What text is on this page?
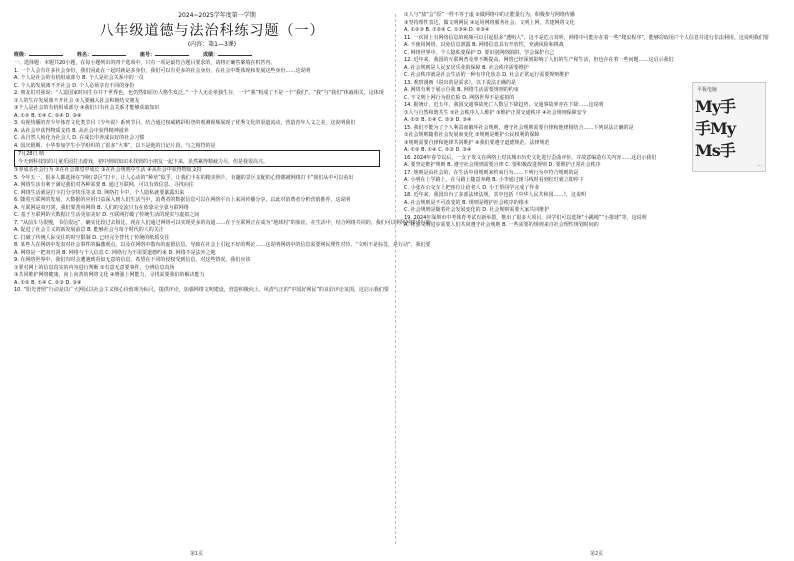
2024~2025学年度第一学期
八年级道德与法治科练习题（一）
(内容：第1—3课)
班级：	姓名：	座号：	成绩：
一、选择题：本题共20小题，在每小题列出的四个选项中，只有一项是最符合题目要求的，请将正确答案填在机答内。
1. 一个人会有许多社会身份，我们因此在一起时就是多身份，我们可以有更多的社会身份，在社会中既体现和发展这些身份……这说明
A. 个人是社会的有机组成部分 B. 个人是社会关系中的一员
C. 个人的发展离不开社会 D. 个人必须享有不同的身份
2. 朋友们对我说：“人造国家时间生存并干世界也，也仍然如原历人格生发泛。”一个人无论单独生存，一个“我”构成了不是一个“我们”。“我”与“我们”休戚相关，这体现
①人的生存发展离不开社会 ②人要融入社会积极结交朋友
③个人是社会的有机组成部分 ④我们只有社会关系才能够获取知识
A. ①② B. ①④ C. ②④ D. ③④
3. 央视热播的青少年体育文化类节目《少年说》系列节目，结合通过权威精彩组登的观测视频展现了优秀文化的渠道流动，营造青年人文之美，这说明我们
A. 从社会中获得物质支持 B. 从社会中获得精神滋养
C. 从自然人转化为社会人 D. 在成长中养成良好的社会习惯
4. 国庆假期，小华参加学生小学组织的了很多“大事”，以下是他的日记片段，与之相符的是
7月28日 晴
今天到科技馆的儿童乐园打击游戏，初中到咱知识未找到的小朋友一起下来，虽然累得精疲力尽，但是我很高兴。
①养成亲社会行为 ②在社会课堂中成长 ③在社会规则中生活 ④从社会中获得物质支持
5. 今年五一，很多人都选择在“网红景区”打卡，让人心动的“种草”似乎，让我们卡在的精美照片，有趣的景区支配的心情都被网络打卡”我们从中可以看出
A. 网络生活有利于满足我们对各种需要 B. 通过互联网，可以有效信息、寻找向往
C. 网络生活就是打卡打分享快乐等求 D. 网络打卡中，个人隐私就要暴露出来
6. 随着互联网的发展，大数据的应用日益深入到人们生活当中，消费者的数据信息可以在网络平台上来回传播分享，以此对消费者分析营销推荐，这说明
A. 互联网是双刃剑，我们要善用网络 B. 人们的交流只有在依靠完全靠互联网络
C. 基于互联网的大数据让生活更加美好 D. 互联网打破了传统生活的现实与虚拟之间
7. “从前车马很慢，书信很远”，确实比较过去相比，现在人们通过网络可以实现更多的沟通……在于互联网正在成为“地球村”的象征，在生活中，结合网络共同的，我们可以利用网络进行的
A. 促进了社会主义的新发展前景 B. 能够社会与每个时代的人的关注
C. 打破了传统人际交往的时空限制 D. 已经完全替代了传统的纸质交往
8. 某些人在网络中发表对社会事件的偏激观点，以及在网络中散布的虚假信息，导致在社会上引起不好的舆论……这说明网络中的信息需要网民理性对待，“文明不是标签，是行动”，我们要
A. 网络是一把双刃剑 B. 网络与个人信息 C. 网络行为不需要道德约束 D. 网络不是法外之地
9. 在网络世界中，我们有时会遭遇到看似无意的信息，希望在不同的侵权受到信息，对这些情况，我们应该
①要对网上的信息真实的内容进行判断 ②有意无意要事件，分辨信息真伪
③共同维护网络健康，向上向善的网络文化 ④增强上网能力，寻找需要我们的解决能力
A. ①② B. ①④ C. ②③ D. ③④
10. “阳光普照”行动是以广大网民以社会主义核心价值观为标尺，提供评论，加强网络文明建设，营造积极向上、风清气正的“中国好网民”的良好评论氛围，这启示我们要
①人与“盐”会“原”一样不等于虚 ②做网络中的正能量行为，积极参与网络传播
③坚持理性表达，做文明网民 ④运用网络服务社会，文明上网，共建网络文化
A. ①②③ B. ①②④ C. ①③④ D. ②③④
11. 一次同上有网络信息的视频可以引起很多“透明人”，这不是危言耸听，网络中可能存在着一些“爬虫程序”，能够窃取用户个人信息并进行非法利用。这说明我们要
A. 不使用网络，以免信息泄露 B. 网络信息具有开放性，充满风险和挑战
C. 网络世界中，个人隐私要保护 D. 要识别网络陷阱，学会保护自己
12. 近年来，我国的互联网普及率不断提高，网络已经深刻影响了人们的生产和生活，但也存在着一些问题……这启示我们
A. 社会规则是人民安居乐业的保障 B. 社会秩序需要维护
C. 社会秩序就是社会生活的一种有序化状态 D. 社会正常运行需要规则维护
13. 观察漫画《说出的是需求》，以下说法正确的是
A. 网络有利于展示自我 B. 网络生活需要规则的约束
C. 不文明上网行为很危险 D. 网络世界不是虚拟的
14. 据统计，近五年，我国交通事故死亡人数呈下降趋势，交通事故率亦在下降……这说明
①人与自然和谐共生 ②社会秩序人人维护 ③维护正常交通秩序 ④社会规则保障安全
A. ①② B. ①④ C. ②③ D. ③④
15. 我们不能为了个人利益而破坏社会规则，遵守社会规则需要自律和他律相结合……下列说法正确的是
①社会规则随着社会发展而变化 ②规则是维护公民权利的保障
③规则需要自律和他律共同维护 ④我们要遵守道德规范、法律规范
A. ①② B. ①④ C. ②③ D. ③④
16. 2024年春节以后，一女子发文在网络上对其城市历史文化进行歪曲评价，并故意编造有关内容……这启示我们
A. 要坚定维护规则 B. 遵守社会规则需要自律 C. 要积极改进规则 D. 要维护正常社会秩序
17. 规则是由社会的，在生活中用规则来约束行为……下列行为中符合规则的是
A. 小明在上学路上，在马路上随意奔跑 B. 小李通过斑马线时看到红灯就立即停下
C. 小张在公交车上把座位让给老人 D. 小王帮同学完成了作业
18. 近年来，我国出台了多部法律法规，其中包括《中华人民共和国……》，这说明
A. 社会规则是不可改变的 B. 规则是维护社会秩序的根本
C. 社会规则是随着社会发展变化的 D. 社会规则需要大家共同维护
19. 2024年深圳市中考体育考试有新举措，推出了很多大项目，同学们可以选择“小跳绳”“小排球”等，这说明
A. 社会文明进步需要人们共同遵守社会规则 B. 一些需要的规则来自社会理性规划时间的
平板电脑
My手
手My
Ms手
…
第1页	第2页
